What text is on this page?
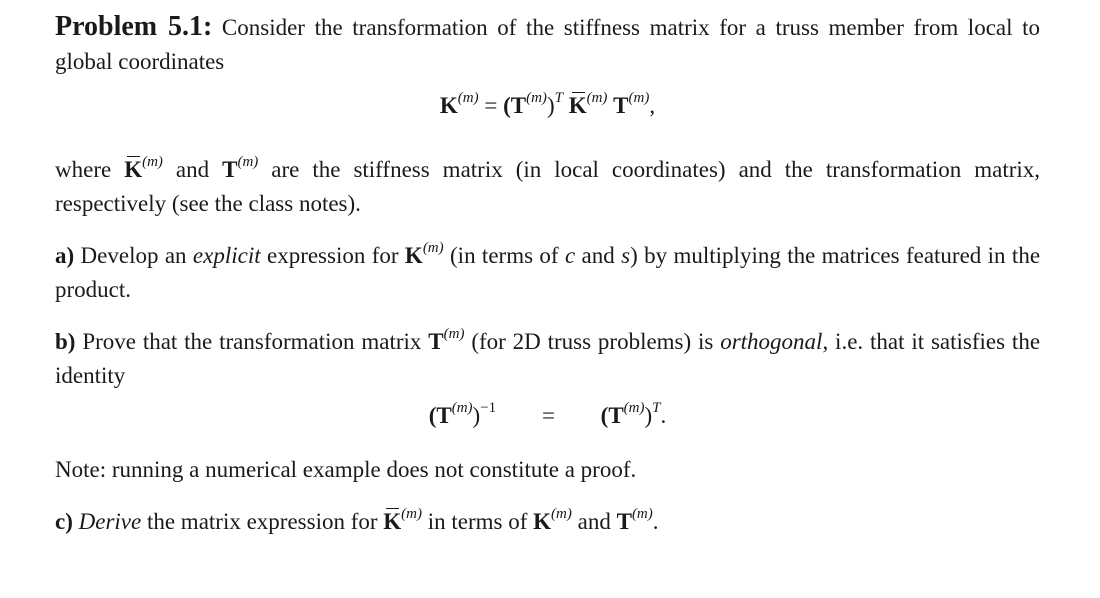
Problem 5.1: Consider the transformation of the stiffness matrix for a truss member from local to global coordinates

$K^{(m)} = (T^{(m)})^T$ $K^{(m)}$ $T^{(m)}$,

where $K^{(m)}$ and $T^{(m)}$ are the stiffness matrix (in local coordinates) and the transformation matrix, respectively (see the class notes).

a) Develop an explicit expression for $K^{(m)}$ (in terms of c and s) by multiplying the matrices featured in the product.

b) Prove that the transformation matrix $T^{(m)}$ (for 2D truss problems) is orthogonal, i.e. that it satisfies the identity

$(T^{(m)})^{-1} = (T^{(m)})^T$.

Note: running a numerical example does not constitute a proof.

c) Derive the matrix expression for $K^{(m)}$ in terms of $K^{(m)}$ and $T^{(m)}$.
